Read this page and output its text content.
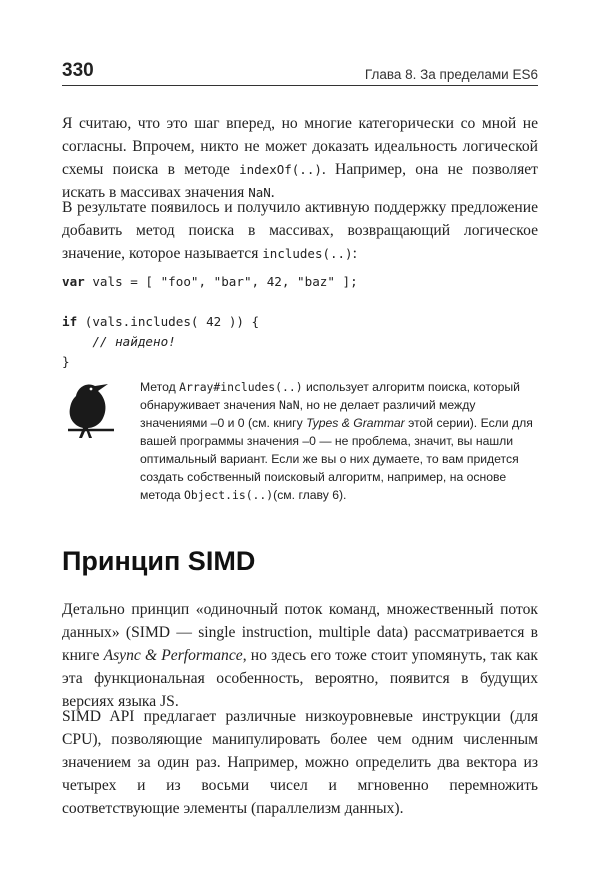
330	Глава 8. За пределами ES6

Я считаю, что это шаг вперед, но многие категорически со мной не согласны. Впрочем, никто не может доказать идеальность логической схемы поиска в методе indexOf(..). Например, она не позволяет искать в массивах значения NaN.

В результате появилось и получило активную поддержку предложение добавить метод поиска в массивах, возвращающий логическое значение, которое называется includes(..):

var vals = [ "foo", "bar", 42, "baz" ];

if (vals.includes( 42 )) {
// найдено!
}

Метод Array#includes(..) использует алгоритм поиска, который обнаруживает значения NaN, но не делает различий между значениями –0 и 0 (см. книгу Types & Grammar этой серии). Если для вашей программы значения –0 — не проблема, значит, вы нашли оптимальный вариант. Если же вы о них думаете, то вам придется создать собственный поисковый алгоритм, например, на основе метода Object.is(..)(см. главу 6).

Принцип SIMD

Детально принцип «одиночный поток команд, множественный поток данных» (SIMD — single instruction, multiple data) рассматривается в книге Async & Performance, но здесь его тоже стоит упомянуть, так как эта функциональная особенность, вероятно, появится в будущих версиях языка JS.

SIMD API предлагает различные низкоуровневые инструкции (для CPU), позволяющие манипулировать более чем одним численным значением за один раз. Например, можно определить два вектора из четырех и из восьми чисел и мгновенно перемножить соответствующие элементы (параллелизм данных).
